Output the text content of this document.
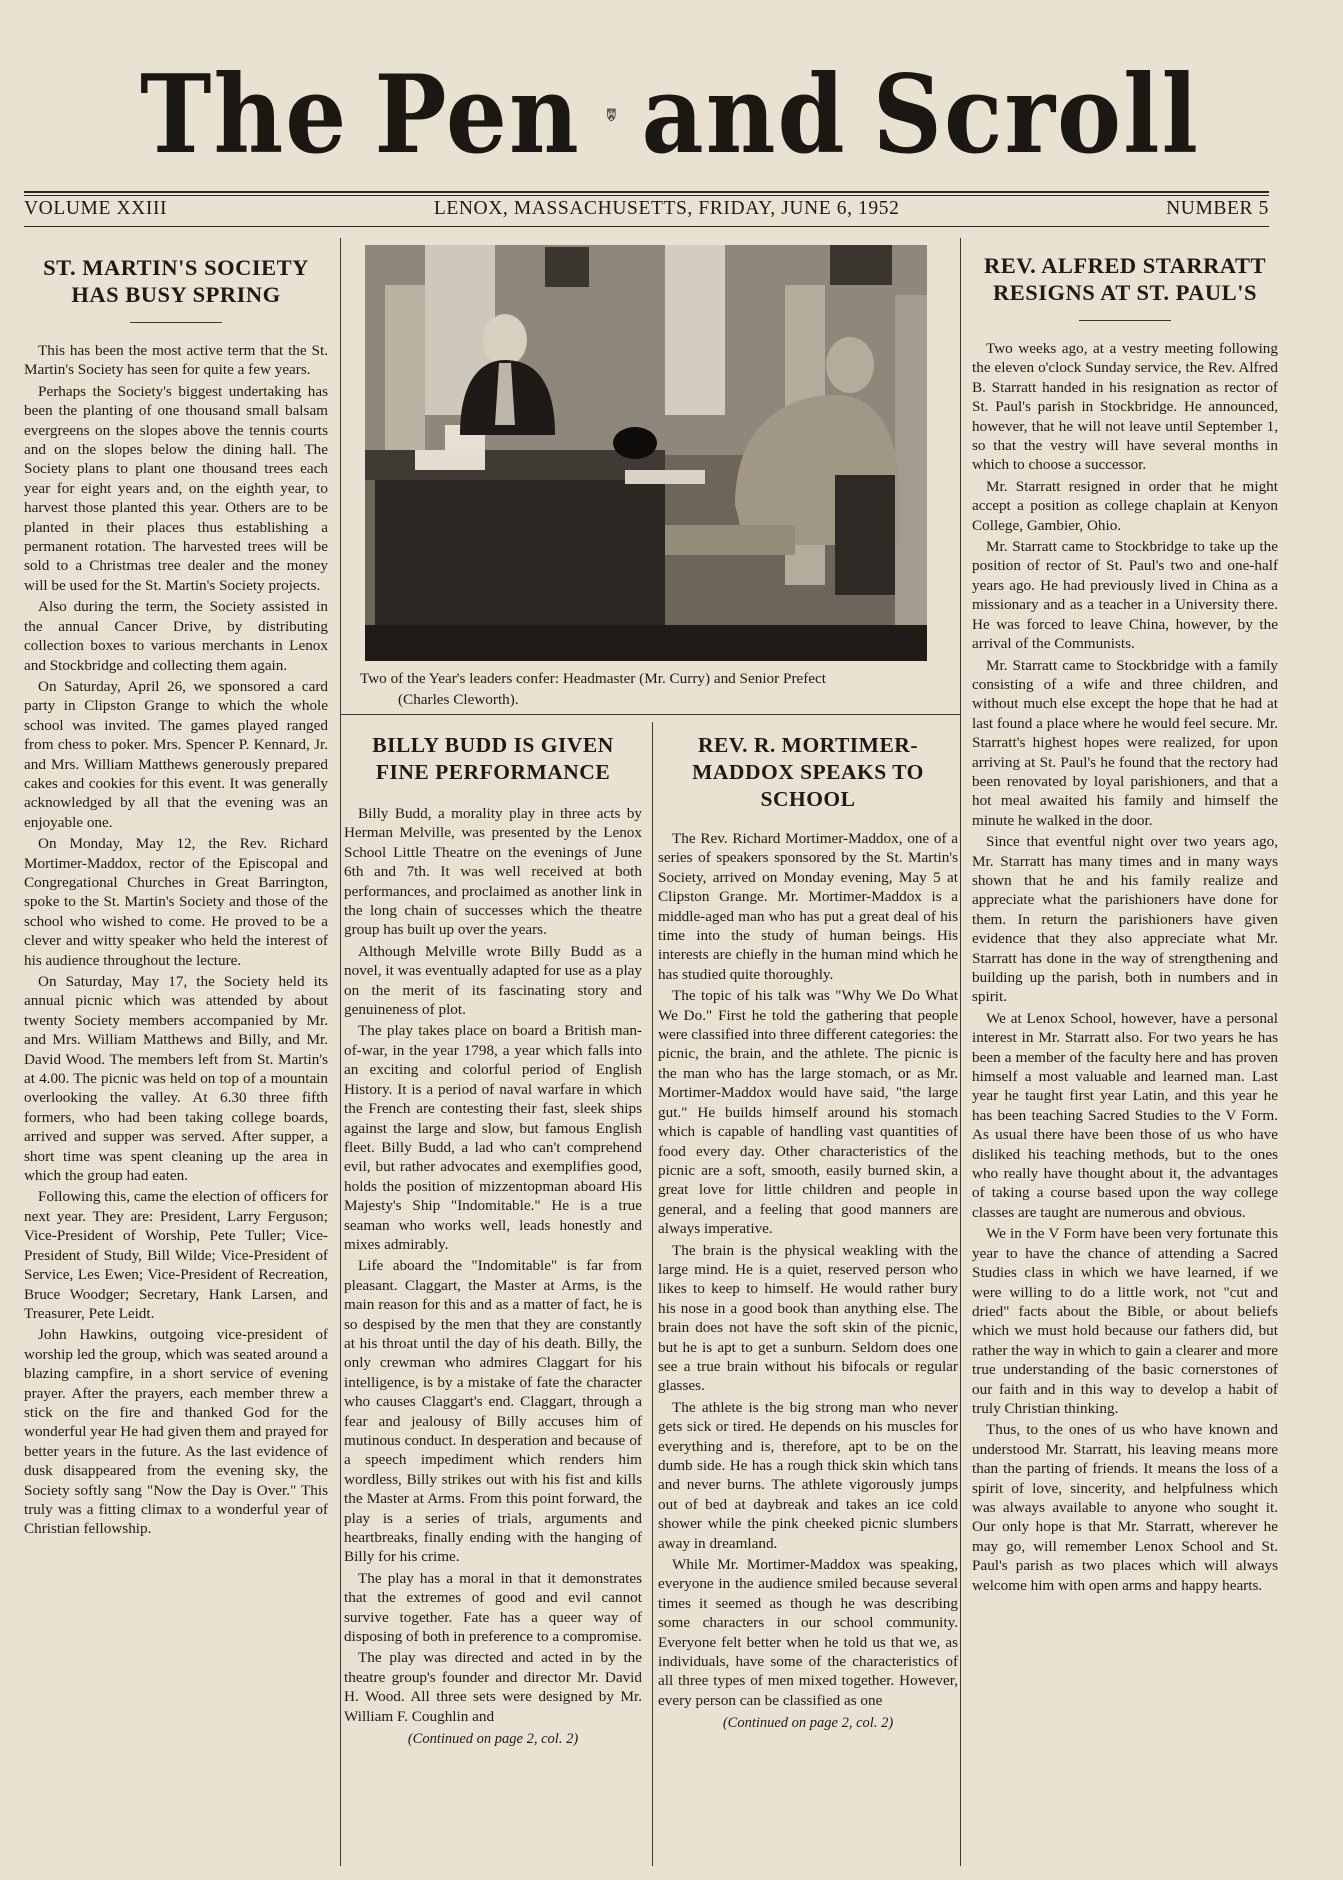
The Pen and Scroll
VOLUME XXIII	LENOX, MASSACHUSETTS, FRIDAY, JUNE 6, 1952	NUMBER 5
ST. MARTIN'S SOCIETY
HAS BUSY SPRING

This has been the most active term that the St. Martin's Society has seen for quite a few years.

Perhaps the Society's biggest undertaking has been the planting of one thousand small balsam evergreens on the slopes above the tennis courts and on the slopes below the dining hall. The Society plans to plant one thousand trees each year for eight years and, on the eighth year, to harvest those planted this year. Others are to be planted in their places thus establishing a permanent rotation. The harvested trees will be sold to a Christmas tree dealer and the money will be used for the St. Martin's Society projects.

Also during the term, the Society assisted in the annual Cancer Drive, by distributing collection boxes to various merchants in Lenox and Stockbridge and collecting them again.

On Saturday, April 26, we sponsored a card party in Clipston Grange to which the whole school was invited. The games played ranged from chess to poker. Mrs. Spencer P. Kennard, Jr. and Mrs. William Matthews generously prepared cakes and cookies for this event. It was generally acknowledged by all that the evening was an enjoyable one.

On Monday, May 12, the Rev. Richard Mortimer-Maddox, rector of the Episcopal and Congregational Churches in Great Barrington, spoke to the St. Martin's Society and those of the school who wished to come. He proved to be a clever and witty speaker who held the interest of his audience throughout the lecture.

On Saturday, May 17, the Society held its annual picnic which was attended by about twenty Society members accompanied by Mr. and Mrs. William Matthews and Billy, and Mr. David Wood. The members left from St. Martin's at 4.00. The picnic was held on top of a mountain overlooking the valley. At 6.30 three fifth formers, who had been taking college boards, arrived and supper was served. After supper, a short time was spent cleaning up the area in which the group had eaten.

Following this, came the election of officers for next year. They are: President, Larry Ferguson; Vice-President of Worship, Pete Tuller; Vice-President of Study, Bill Wilde; Vice-President of Service, Les Ewen; Vice-President of Recreation, Bruce Woodger; Secretary, Hank Larsen, and Treasurer, Pete Leidt.

John Hawkins, outgoing vice-president of worship led the group, which was seated around a blazing campfire, in a short service of evening prayer. After the prayers, each member threw a stick on the fire and thanked God for the wonderful year He had given them and prayed for better years in the future. As the last evidence of dusk disappeared from the evening sky, the Society softly sang "Now the Day is Over." This truly was a fitting climax to a wonderful year of Christian fellowship.

Two of the Year's leaders confer: Headmaster (Mr. Curry) and Senior Prefect
(Charles Cleworth).
BILLY BUDD IS GIVEN
FINE PERFORMANCE

Billy Budd, a morality play in three acts by Herman Melville, was presented by the Lenox School Little Theatre on the evenings of June 6th and 7th. It was well received at both performances, and proclaimed as another link in the long chain of successes which the theatre group has built up over the years.

Although Melville wrote Billy Budd as a novel, it was eventually adapted for use as a play on the merit of its fascinating story and genuineness of plot.

The play takes place on board a British man-of-war, in the year 1798, a year which falls into an exciting and colorful period of English History. It is a period of naval warfare in which the French are contesting their fast, sleek ships against the large and slow, but famous English fleet. Billy Budd, a lad who can't comprehend evil, but rather advocates and exemplifies good, holds the position of mizzentopman aboard His Majesty's Ship "Indomitable." He is a true seaman who works well, leads honestly and mixes admirably.

Life aboard the "Indomitable" is far from pleasant. Claggart, the Master at Arms, is the main reason for this and as a matter of fact, he is so despised by the men that they are constantly at his throat until the day of his death. Billy, the only crewman who admires Claggart for his intelligence, is by a mistake of fate the character who causes Claggart's end. Claggart, through a fear and jealousy of Billy accuses him of mutinous conduct. In desperation and because of a speech impediment which renders him wordless, Billy strikes out with his fist and kills the Master at Arms. From this point forward, the play is a series of trials, arguments and heartbreaks, finally ending with the hanging of Billy for his crime.

The play has a moral in that it demonstrates that the extremes of good and evil cannot survive together. Fate has a queer way of disposing of both in preference to a compromise.

The play was directed and acted in by the theatre group's founder and director Mr. David H. Wood. All three sets were designed by Mr. William F. Coughlin and

(Continued on page 2, col. 2)
REV. R. MORTIMER-
MADDOX SPEAKS TO
SCHOOL

The Rev. Richard Mortimer-Maddox, one of a series of speakers sponsored by the St. Martin's Society, arrived on Monday evening, May 5 at Clipston Grange. Mr. Mortimer-Maddox is a middle-aged man who has put a great deal of his time into the study of human beings. His interests are chiefly in the human mind which he has studied quite thoroughly.

The topic of his talk was "Why We Do What We Do." First he told the gathering that people were classified into three different categories: the picnic, the brain, and the athlete. The picnic is the man who has the large stomach, or as Mr. Mortimer-Maddox would have said, "the large gut." He builds himself around his stomach which is capable of handling vast quantities of food every day. Other characteristics of the picnic are a soft, smooth, easily burned skin, a great love for little children and people in general, and a feeling that good manners are always imperative.

The brain is the physical weakling with the large mind. He is a quiet, reserved person who likes to keep to himself. He would rather bury his nose in a good book than anything else. The brain does not have the soft skin of the picnic, but he is apt to get a sunburn. Seldom does one see a true brain without his bifocals or regular glasses.

The athlete is the big strong man who never gets sick or tired. He depends on his muscles for everything and is, therefore, apt to be on the dumb side. He has a rough thick skin which tans and never burns. The athlete vigorously jumps out of bed at daybreak and takes an ice cold shower while the pink cheeked picnic slumbers away in dreamland.

While Mr. Mortimer-Maddox was speaking, everyone in the audience smiled because several times it seemed as though he was describing some characters in our school community. Everyone felt better when he told us that we, as individuals, have some of the characteristics of all three types of men mixed together. However, every person can be classified as one

(Continued on page 2, col. 2)
REV. ALFRED STARRATT
RESIGNS AT ST. PAUL'S

Two weeks ago, at a vestry meeting following the eleven o'clock Sunday service, the Rev. Alfred B. Starratt handed in his resignation as rector of St. Paul's parish in Stockbridge. He announced, however, that he will not leave until September 1, so that the vestry will have several months in which to choose a successor.

Mr. Starratt resigned in order that he might accept a position as college chaplain at Kenyon College, Gambier, Ohio.

Mr. Starratt came to Stockbridge to take up the position of rector of St. Paul's two and one-half years ago. He had previously lived in China as a missionary and as a teacher in a University there. He was forced to leave China, however, by the arrival of the Communists.

Mr. Starratt came to Stockbridge with a family consisting of a wife and three children, and without much else except the hope that he had at last found a place where he would feel secure. Mr. Starratt's highest hopes were realized, for upon arriving at St. Paul's he found that the rectory had been renovated by loyal parishioners, and that a hot meal awaited his family and himself the minute he walked in the door.

Since that eventful night over two years ago, Mr. Starratt has many times and in many ways shown that he and his family realize and appreciate what the parishioners have done for them. In return the parishioners have given evidence that they also appreciate what Mr. Starratt has done in the way of strengthening and building up the parish, both in numbers and in spirit.

We at Lenox School, however, have a personal interest in Mr. Starratt also. For two years he has been a member of the faculty here and has proven himself a most valuable and learned man. Last year he taught first year Latin, and this year he has been teaching Sacred Studies to the V Form. As usual there have been those of us who have disliked his teaching methods, but to the ones who really have thought about it, the advantages of taking a course based upon the way college classes are taught are numerous and obvious.

We in the V Form have been very fortunate this year to have the chance of attending a Sacred Studies class in which we have learned, if we were willing to do a little work, not "cut and dried" facts about the Bible, or about beliefs which we must hold because our fathers did, but rather the way in which to gain a clearer and more true understanding of the basic cornerstones of our faith and in this way to develop a habit of truly Christian thinking.

Thus, to the ones of us who have known and understood Mr. Starratt, his leaving means more than the parting of friends. It means the loss of a spirit of love, sincerity, and helpfulness which was always available to anyone who sought it. Our only hope is that Mr. Starratt, wherever he may go, will remember Lenox School and St. Paul's parish as two places which will always welcome him with open arms and happy hearts.
